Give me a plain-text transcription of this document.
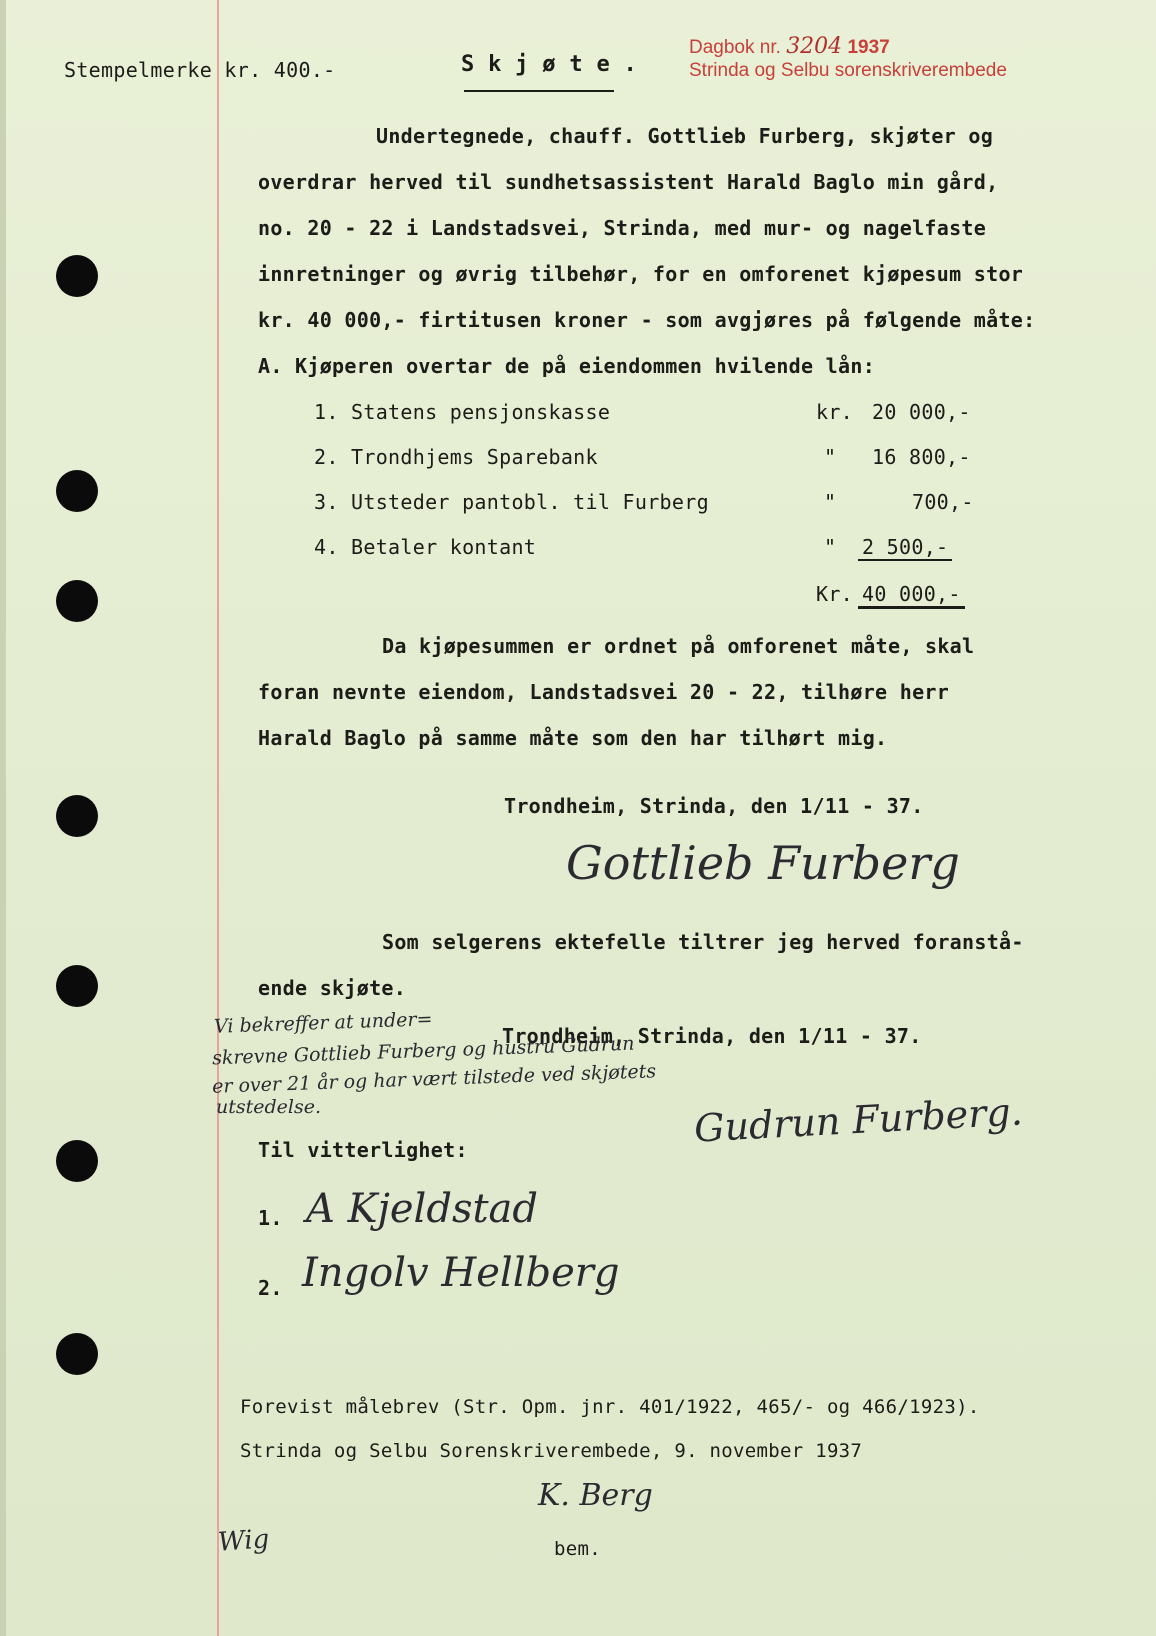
Stempelmerke kr. 400.-	S k j ø t e .
Dagbok nr. 3204 1937
Strinda og Selbu sorenskriverembede
Undertegnede, chauff. Gottlieb Furberg, skjøter og
overdrar herved til sundhetsassistent Harald Baglo min gård,
no. 20 - 22 i Landstadsvei, Strinda, med mur- og nagelfaste
innretninger og øvrig tilbehør, for en omforenet kjøpesum stor
kr. 40 000,- firtitusen kroner - som avgjøres på følgende måte:
A. Kjøperen overtar de på eiendommen hvilende lån:
1. Statens pensjonskasse	kr. 20 000,-
2. Trondhjems Sparebank	" 16 800,-
3. Utsteder pantobl. til Furberg	"	700,-
4. Betaler kontant	" 2 500,-
Kr. 40 000,-
Da kjøpesummen er ordnet på omforenet måte, skal
foran nevnte eiendom, Landstadsvei 20 - 22, tilhøre herr
Harald Baglo på samme måte som den har tilhørt mig.
Trondheim, Strinda, den 1/11 - 37.
Gottlieb Furberg
Som selgerens ektefelle tiltrer jeg herved foranstå-
ende skjøte.
Trondheim, Strinda, den 1/11 - 37.
Vi bekreffer at under=
skrevne Gottlieb Furberg og hustru Gudrun
er over 21 år og har vært tilstede ved skjøtets
utstedelse.	Gudrun Furberg.
Til vitterlighet:
1. A Kjeldstad
2. Ingolv Hellberg
Forevist målebrev (Str. Opm. jnr. 401/1922, 465/- og 466/1923).
Strinda og Selbu Sorenskriverembede, 9. november 1937
K. Berg
bem.
Wig
